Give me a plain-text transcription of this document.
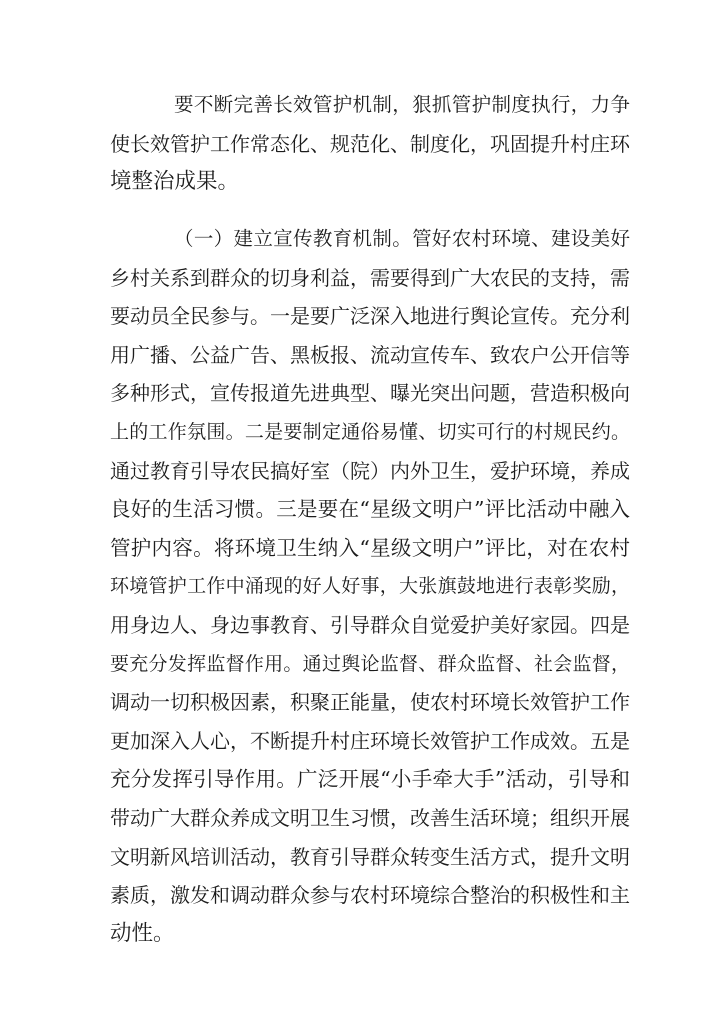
要不断完善长效管护机制，狠抓管护制度执行，力争
使长效管护工作常态化、规范化、制度化，巩固提升村庄环
境整治成果。
（一）建立宣传教育机制。管好农村环境、建设美好
乡村关系到群众的切身利益，需要得到广大农民的支持，需
要动员全民参与。一是要广泛深入地进行舆论宣传。充分利
用广播、公益广告、黑板报、流动宣传车、致农户公开信等
多种形式，宣传报道先进典型、曝光突出问题，营造积极向
上的工作氛围。二是要制定通俗易懂、切实可行的村规民约。
通过教育引导农民搞好室（院）内外卫生，爱护环境，养成
良好的生活习惯。三是要在“星级文明户”评比活动中融入
管护内容。将环境卫生纳入“星级文明户”评比，对在农村
环境管护工作中涌现的好人好事，大张旗鼓地进行表彰奖励，
用身边人、身边事教育、引导群众自觉爱护美好家园。四是
要充分发挥监督作用。通过舆论监督、群众监督、社会监督，
调动一切积极因素，积聚正能量，使农村环境长效管护工作
更加深入人心，不断提升村庄环境长效管护工作成效。五是
充分发挥引导作用。广泛开展“小手牵大手”活动，引导和
带动广大群众养成文明卫生习惯，改善生活环境；组织开展
文明新风培训活动，教育引导群众转变生活方式，提升文明
素质，激发和调动群众参与农村环境综合整治的积极性和主
动性。
